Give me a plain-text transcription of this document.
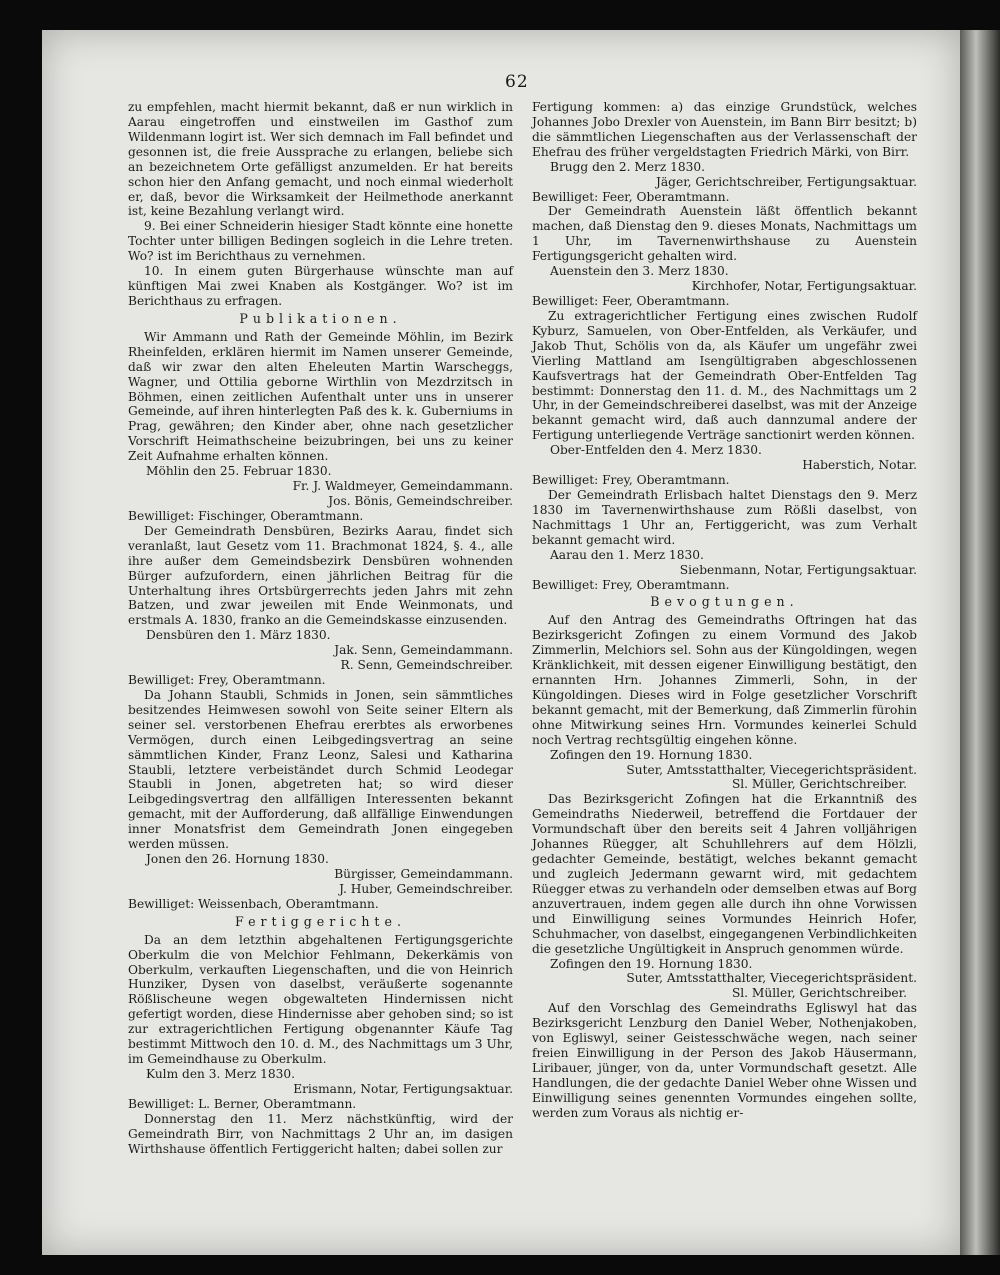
62
zu empfehlen, macht hiermit bekannt, daß er nun wirklich in Aarau eingetroffen und einstweilen im Gasthof zum Wildenmann logirt ist. Wer sich demnach im Fall befindet und gesonnen ist, die freie Aussprache zu erlangen, beliebe sich an bezeichnetem Orte gefälligst anzumelden. Er hat bereits schon hier den Anfang gemacht, und noch einmal wiederholt er, daß, bevor die Wirksamkeit der Heilmethode anerkannt ist, keine Bezahlung verlangt wird.
9. Bei einer Schneiderin hiesiger Stadt könnte eine honette Tochter unter billigen Bedingen sogleich in die Lehre treten. Wo? ist im Berichthaus zu vernehmen.
10. In einem guten Bürgerhause wünschte man auf künftigen Mai zwei Knaben als Kostgänger. Wo? ist im Berichthaus zu erfragen.
Publikationen.
Wir Ammann und Rath der Gemeinde Möhlin, im Bezirk Rheinfelden, erklären hiermit im Namen unserer Gemeinde, daß wir zwar den alten Eheleuten Martin Warscheggs, Wagner, und Ottilia geborne Wirthlin von Mezdrzitsch in Böhmen, einen zeitlichen Aufenthalt unter uns in unserer Gemeinde, auf ihren hinterlegten Paß des k. k. Guberniums in Prag, gewähren; den Kinder aber, ohne nach gesetzlicher Vorschrift Heimathscheine beizubringen, bei uns zu keiner Zeit Aufnahme erhalten können.
Möhlin den 25. Februar 1830.
Fr. J. Waldmeyer, Gemeindammann.
Jos. Bönis, Gemeindschreiber.
Bewilliget: Fischinger, Oberamtmann.
Der Gemeindrath Densbüren, Bezirks Aarau, findet sich veranlaßt, laut Gesetz vom 11. Brachmonat 1824, §. 4., alle ihre außer dem Gemeindsbezirk Densbüren wohnenden Bürger aufzufordern, einen jährlichen Beitrag für die Unterhaltung ihres Ortsbürgerrechts jeden Jahrs mit zehn Batzen, und zwar jeweilen mit Ende Weinmonats, und erstmals A. 1830, franko an die Gemeindskasse einzusenden.
Densbüren den 1. März 1830.
Jak. Senn, Gemeindammann.
R. Senn, Gemeindschreiber.
Bewilliget: Frey, Oberamtmann.
Da Johann Staubli, Schmids in Jonen, sein sämmtliches besitzendes Heimwesen sowohl von Seite seiner Eltern als seiner sel. verstorbenen Ehefrau ererbtes als erworbenes Vermögen, durch einen Leibgedingsvertrag an seine sämmtlichen Kinder, Franz Leonz, Salesi und Katharina Staubli, letztere verbeiständet durch Schmid Leodegar Staubli in Jonen, abgetreten hat; so wird dieser Leibgedingsvertrag den allfälligen Interessenten bekannt gemacht, mit der Aufforderung, daß allfällige Einwendungen inner Monatsfrist dem Gemeindrath Jonen eingegeben werden müssen.
Jonen den 26. Hornung 1830.
Bürgisser, Gemeindammann.
J. Huber, Gemeindschreiber.
Bewilliget: Weissenbach, Oberamtmann.
Fertiggerichte.
Da an dem letzthin abgehaltenen Fertigungsgerichte Oberkulm die von Melchior Fehlmann, Dekerkämis von Oberkulm, verkauften Liegenschaften, und die von Heinrich Hunziker, Dysen von daselbst, veräußerte sogenannte Rößlischeune wegen obgewalteten Hindernissen nicht gefertigt worden, diese Hindernisse aber gehoben sind; so ist zur extragerichtlichen Fertigung obgenannter Käufe Tag bestimmt Mittwoch den 10. d. M., des Nachmittags um 3 Uhr, im Gemeindhause zu Oberkulm.
Kulm den 3. Merz 1830.
Erismann, Notar, Fertigungsaktuar.
Bewilliget: L. Berner, Oberamtmann.
Donnerstag den 11. Merz nächstkünftig, wird der Gemeindrath Birr, von Nachmittags 2 Uhr an, im dasigen Wirthshause öffentlich Fertiggericht halten; dabei sollen zur
Fertigung kommen: a) das einzige Grundstück, welches Johannes Jobo Drexler von Auenstein, im Bann Birr besitzt; b) die sämmtlichen Liegenschaften aus der Verlassenschaft der Ehefrau des früher vergeldstagten Friedrich Märki, von Birr.
Brugg den 2. Merz 1830.
Jäger, Gerichtschreiber, Fertigungsaktuar.
Bewilliget: Feer, Oberamtmann.
Der Gemeindrath Auenstein läßt öffentlich bekannt machen, daß Dienstag den 9. dieses Monats, Nachmittags um 1 Uhr, im Tavernenwirthshause zu Auenstein Fertigungsgericht gehalten wird.
Auenstein den 3. Merz 1830.
Kirchhofer, Notar, Fertigungsaktuar.
Bewilliget: Feer, Oberamtmann.
Zu extragerichtlicher Fertigung eines zwischen Rudolf Kyburz, Samuelen, von Ober-Entfelden, als Verkäufer, und Jakob Thut, Schölis von da, als Käufer um ungefähr zwei Vierling Mattland am Isengültigraben abgeschlossenen Kaufsvertrags hat der Gemeindrath Ober-Entfelden Tag bestimmt: Donnerstag den 11. d. M., des Nachmittags um 2 Uhr, in der Gemeindschreiberei daselbst, was mit der Anzeige bekannt gemacht wird, daß auch dannzumal andere der Fertigung unterliegende Verträge sanctionirt werden können.
Ober-Entfelden den 4. Merz 1830.
Haberstich, Notar.
Bewilliget: Frey, Oberamtmann.
Der Gemeindrath Erlisbach haltet Dienstags den 9. Merz 1830 im Tavernenwirthshause zum Rößli daselbst, von Nachmittags 1 Uhr an, Fertiggericht, was zum Verhalt bekannt gemacht wird.
Aarau den 1. Merz 1830.
Siebenmann, Notar, Fertigungsaktuar.
Bewilliget: Frey, Oberamtmann.
Bevogtungen.
Auf den Antrag des Gemeindraths Oftringen hat das Bezirksgericht Zofingen zu einem Vormund des Jakob Zimmerlin, Melchiors sel. Sohn aus der Küngoldingen, wegen Kränklichkeit, mit dessen eigener Einwilligung bestätigt, den ernannten Hrn. Johannes Zimmerli, Sohn, in der Küngoldingen. Dieses wird in Folge gesetzlicher Vorschrift bekannt gemacht, mit der Bemerkung, daß Zimmerlin fürohin ohne Mitwirkung seines Hrn. Vormundes keinerlei Schuld noch Vertrag rechtsgültig eingehen könne.
Zofingen den 19. Hornung 1830.
Suter, Amtsstatthalter, Viecegerichtspräsident.
Sl. Müller, Gerichtschreiber.
Das Bezirksgericht Zofingen hat die Erkanntniß des Gemeindraths Niederweil, betreffend die Fortdauer der Vormundschaft über den bereits seit 4 Jahren volljährigen Johannes Rüegger, alt Schuhllehrers auf dem Hölzli, gedachter Gemeinde, bestätigt, welches bekannt gemacht und zugleich Jedermann gewarnt wird, mit gedachtem Rüegger etwas zu verhandeln oder demselben etwas auf Borg anzuvertrauen, indem gegen alle durch ihn ohne Vorwissen und Einwilligung seines Vormundes Heinrich Hofer, Schuhmacher, von daselbst, eingegangenen Verbindlichkeiten die gesetzliche Ungültigkeit in Anspruch genommen würde.
Zofingen den 19. Hornung 1830.
Suter, Amtsstatthalter, Viecegerichtspräsident.
Sl. Müller, Gerichtschreiber.
Auf den Vorschlag des Gemeindraths Egliswyl hat das Bezirksgericht Lenzburg den Daniel Weber, Nothenjakoben, von Egliswyl, seiner Geistesschwäche wegen, nach seiner freien Einwilligung in der Person des Jakob Häusermann, Liribauer, jünger, von da, unter Vormundschaft gesetzt. Alle Handlungen, die der gedachte Daniel Weber ohne Wissen und Einwilligung seines genennten Vormundes eingehen sollte, werden zum Voraus als nichtig er-
